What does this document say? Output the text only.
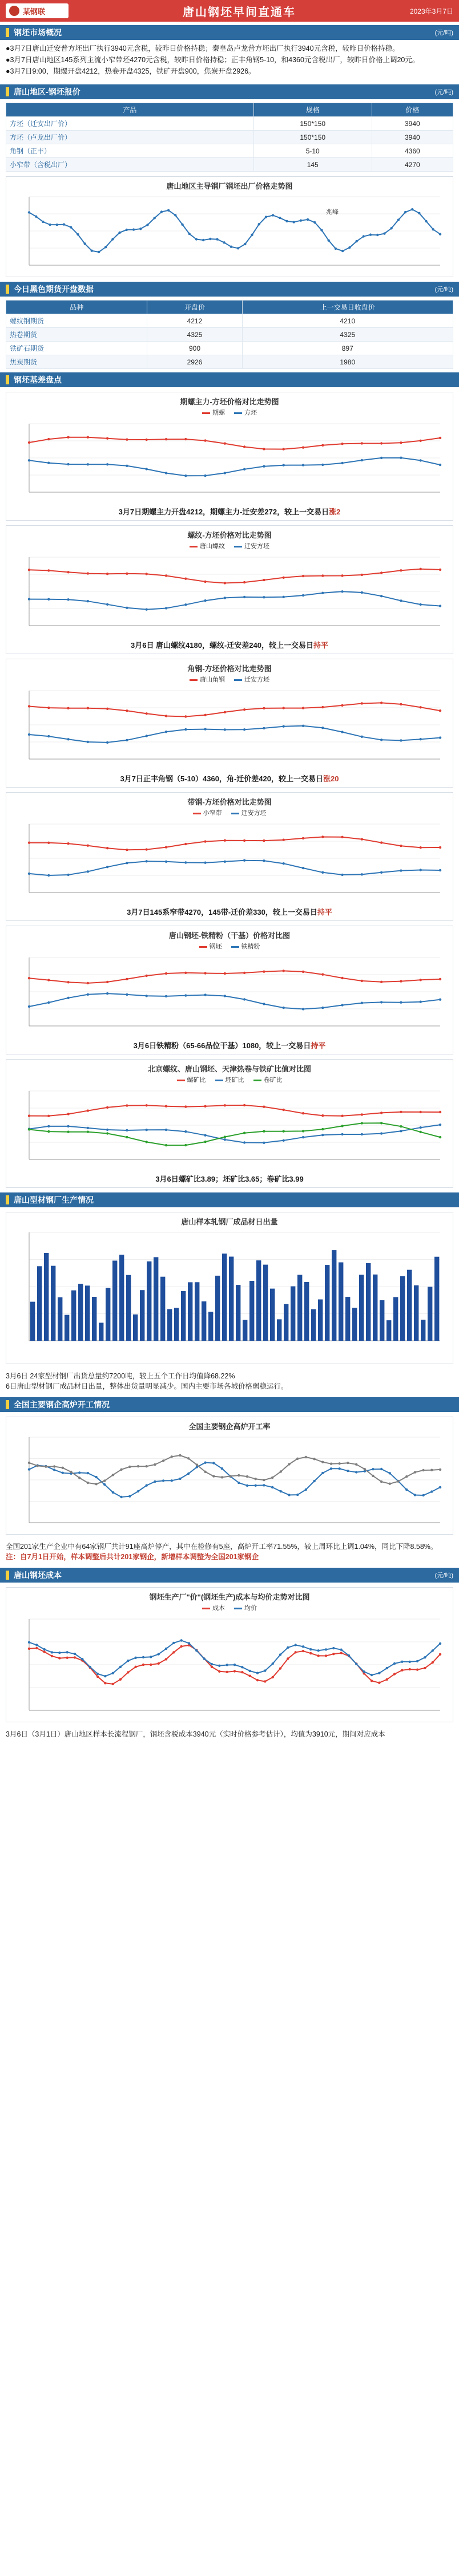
某钢联	唐山钢坯早间直通车	2023年3月7日
钢坯市场概况	(元/吨)

●3月7日唐山迁安普方坯出厂执行3940元含税，较昨日价格持稳；秦皇岛卢龙普方坯出厂执行3940元含税，较昨日价格持稳。

●3月7日唐山地区145系列主流小窄带坯4270元含税，较昨日价格持稳；正丰角钢5-10，和4360元含税出厂，较昨日价格上调20元。

●3月7日9:00，期螺开盘4212，热卷开盘4325，铁矿开盘900，焦炭开盘2926。

唐山地区-钢坯报价	(元/吨)
产品	规格	价格
方坯（迁安出厂价）	150*150	3940
方坯（卢龙出厂价）	150*150	3940
角钢（正丰）	5-10	4360
小窄带（含税出厂）	145	4270
唐山地区主导钢厂钢坯出厂价格走势图
兆峰
今日黑色期货开盘数据	(元/吨)
品种	开盘价	上一交易日收盘价
螺纹钢期货	4212	4210
热卷期货	4325	4325
铁矿石期货	900	897
焦炭期货	2926	1980
钢坯基差盘点
期螺主力-方坯价格对比走势图
期螺	方坯
3月7日期螺主力开盘4212，期螺主力-迁安差272，较上一交易日涨2
螺纹-方坯价格对比走势图
唐山螺纹	迁安方坯
3月6日 唐山螺纹4180，螺纹-迁安差240，较上一交易日持平
角钢-方坯价格对比走势图
唐山角钢	迁安方坯
3月7日正丰角钢（5-10）4360，角-迁价差420，较上一交易日涨20
带钢-方坯价格对比走势图
小窄带	迁安方坯
3月7日145系窄带4270，145带-迁价差330，较上一交易日持平
唐山钢坯-铁精粉（干基）价格对比图
钢坯	铁精粉
3月6日铁精粉（65-66品位干基）1080，较上一交易日持平
北京螺纹、唐山钢坯、天津热卷与铁矿比值对比图
螺矿比	坯矿比	卷矿比
3月6日螺矿比3.89；坯矿比3.65；卷矿比3.99
唐山型材钢厂生产情况
唐山样本轧钢厂成品材日出量

3月6日 24家型材钢厂出货总量约7200吨，较上五个工作日均值降68.22%

6日唐山型材钢厂成品材日出量，整体出货量明显减少。国内主要市场各城价格弱稳运行。

全国主要钢企高炉开工情况
全国主要钢企高炉开工率

全国201家生产企业中有64家钢厂共计91座高炉停产，其中在检修有5座，高炉开工率71.55%，较上周环比上调1.04%，同比下降8.58%。

注：自7月1日开始，样本调整后共计201家钢企，新增样本调整为全国201家钢企

唐山钢坯成本	(元/吨)
钢坯生产厂"价"(钢坯生产)成本与均价走势对比图
成本	均价

3月6日（3月1日）唐山地区样本长流程钢厂，钢坯含税成本3940元（实时价格参考估计），均值为3910元，期间对应成本
